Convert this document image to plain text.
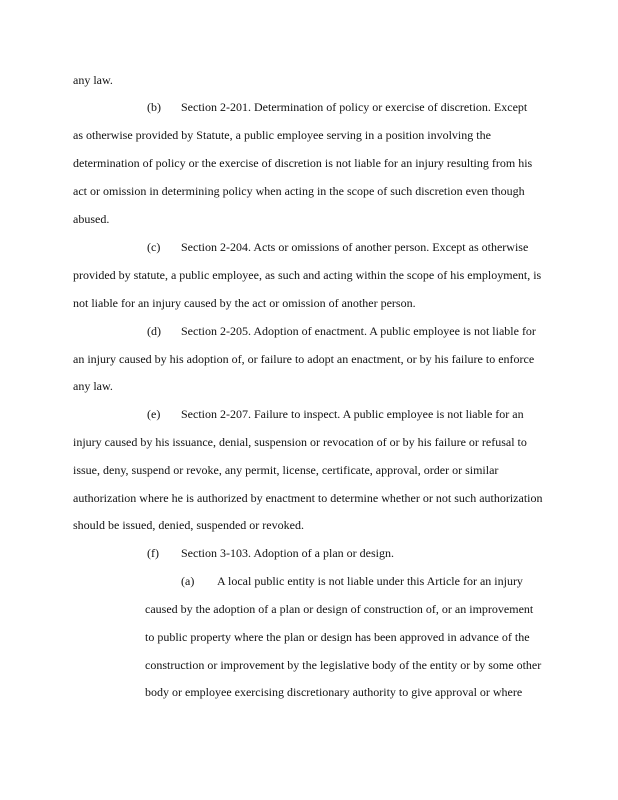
any law.
(b) Section 2-201. Determination of policy or exercise of discretion. Except
as otherwise provided by Statute, a public employee serving in a position involving the
determination of policy or the exercise of discretion is not liable for an injury resulting from his
act or omission in determining policy when acting in the scope of such discretion even though
abused.
(c) Section 2-204. Acts or omissions of another person. Except as otherwise
provided by statute, a public employee, as such and acting within the scope of his employment, is
not liable for an injury caused by the act or omission of another person.
(d) Section 2-205. Adoption of enactment. A public employee is not liable for
an injury caused by his adoption of, or failure to adopt an enactment, or by his failure to enforce
any law.
(e) Section 2-207. Failure to inspect. A public employee is not liable for an
injury caused by his issuance, denial, suspension or revocation of or by his failure or refusal to
issue, deny, suspend or revoke, any permit, license, certificate, approval, order or similar
authorization where he is authorized by enactment to determine whether or not such authorization
should be issued, denied, suspended or revoked.
(f) Section 3-103. Adoption of a plan or design.
(a) A local public entity is not liable under this Article for an injury
caused by the adoption of a plan or design of construction of, or an improvement
to public property where the plan or design has been approved in advance of the
construction or improvement by the legislative body of the entity or by some other
body or employee exercising discretionary authority to give approval or where
